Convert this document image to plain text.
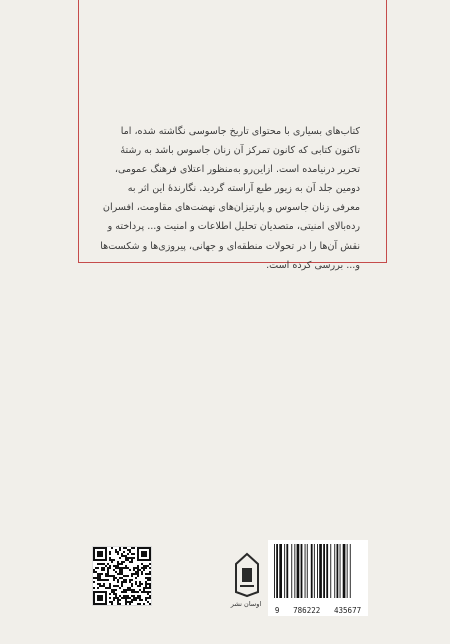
کتاب‌های بسیاری با محتوای تاریخ جاسوسی نگاشته شده، اما

تاکنون کتابی که کانون تمرکز آن زنان جاسوس باشد به رشتهٔ

تحریر درنیامده است. ازاین‌رو به‌منظور اعتلای فرهنگ عمومی،

دومین جلد آن به زیور طبع آراسته گردید. نگارندهٔ این اثر به

معرفی زنان جاسوس و پارتیزان‌های نهضت‌های مقاومت، افسران

رده‌بالای امنیتی، متصدیان تحلیل اطلاعات و امنیت و... پرداخته و

نقش آن‌ها را در تحولات منطقه‌ای و جهانی، پیروزی‌ها و شکست‌ها

و... بررسی کرده است.

اوسان نشر
9 786222 435677
